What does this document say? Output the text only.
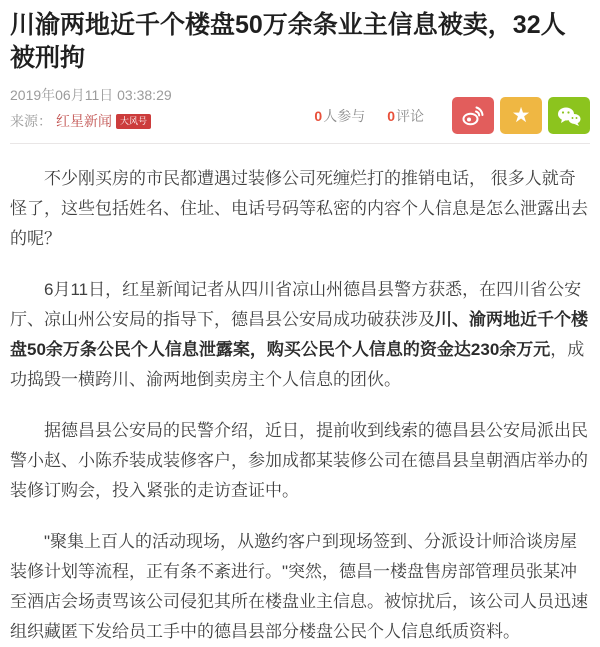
川渝两地近千个楼盘50万余条业主信息被卖，32人被刑拘
2019年06月11日 03:38:29
来源： 红星新闻 大风号	0人参与 0评论	★

不少刚买房的市民都遭遇过装修公司死缠烂打的推销电话， 很多人就奇怪了，这些包括姓名、住址、电话号码等私密的内容个人信息是怎么泄露出去的呢？

6月11日，红星新闻记者从四川省凉山州德昌县警方获悉，在四川省公安厅、凉山州公安局的指导下，德昌县公安局成功破获涉及川、渝两地近千个楼盘50余万条公民个人信息泄露案，购买公民个人信息的资金达230余万元，成功捣毁一横跨川、渝两地倒卖房主个人信息的团伙。

据德昌县公安局的民警介绍，近日，提前收到线索的德昌县公安局派出民警小赵、小陈乔装成装修客户，参加成都某装修公司在德昌县皇朝酒店举办的装修订购会，投入紧张的走访查证中。

"聚集上百人的活动现场，从邀约客户到现场签到、分派设计师洽谈房屋装修计划等流程，正有条不紊进行。"突然，德昌一楼盘售房部管理员张某冲至酒店会场责骂该公司侵犯其所在楼盘业主信息。被惊扰后，该公司人员迅速组织藏匿下发给员工手中的德昌县部分楼盘公民个人信息纸质资料。
